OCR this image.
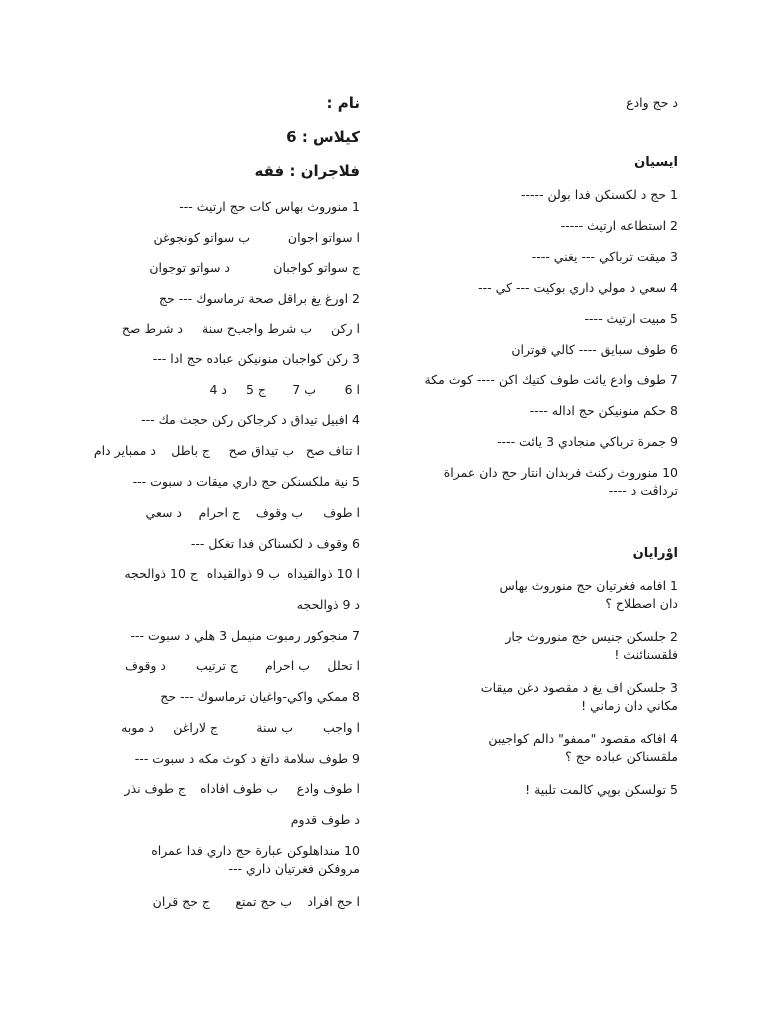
نام :
كيلاس : 6
فلاجران : فقه
1 منوروث بهاس كات حج ارتيث ---
ا سواتو اجوان
ب سواتو كونجوغن
ج سواتو كواجبان
د سواتو توجوان
2 اورغ يغ براقل صحة ترماسوك --- حج
ا ركن
ب شرط واجب
ح سنة
د شرط صح
3 ركن كواجبان منونيكن عباده حج ادا ---
ا 6
ب 7
ج 5
د 4
4 افبيل تيداق د كرجاكن ركن حجث مك ---
ا تتاف صح
ب تيداق صح
ج باطل
د ممباير دام
5 نية ملكسنكن حج داري ميقات د سبوت ---
ا طوف
ب وقوف
ج احرام
د سعي
6 وقوف د لكسناكن فدا تغكل ---
ا 10 ذوالقيداه
ب 9 ذوالقيداه
ج 10 ذوالحجه
د 9 ذوالحجه
7 منجوكور رمبوت منيمل 3 هلي د سبوت ---
ا تحلل
ب احرام
ج ترتيب
د وقوف
8 ممكي واكي-واغيان ترماسوك --- حج
ا واجب
ب سنة
ج لاراغن
د موبه
9 طوف سلامة داتغ د كوث مكه د سبوت ---
ا طوف وادع
ب طوف افاداه
ج طوف نذر
د طوف قدوم
10 منداهلوكن عبارة حج داري فدا عمراه مروفكن فغرتيان داري ---
ا حج افراد
ب حج تمتع
ج حج قران
د حج وادع
ايسيان
1 حج د لكسنكن فدا بولن -----
2 استطاعه ارتيث -----
3 ميقت ترباكي --- يغني ----
4 سعي د مولي داري بوكيت --- كي ---
5 مبيت ارتيث ----
6 طوف سبايق ---- كالي فوتران
7 طوف وادع يائت طوف كتيك اكن ---- كوث مكة
8 حكم منونيكن حج اداله ----
9 جمرة ترباكي منجادي 3 يائت ----
10 منوروث ركنث فربدان انتار حج دان عمراة ترداڤت د ----
اوْرايان
1 افامه فغرتيان حج منوروث بهاس دان اصطلاح ؟
2 جلسكن جنيس حج منوروث جار فلقسنائنث !
3 جلسكن اف يغ د مقصود دغن ميقات مكاني دان زماني !
4 افاكه مقصود "ممفو" دالم كواجيبن ملقسناكن عباده حج ؟
5 تولسكن بوڽي كالمت تلبية !
